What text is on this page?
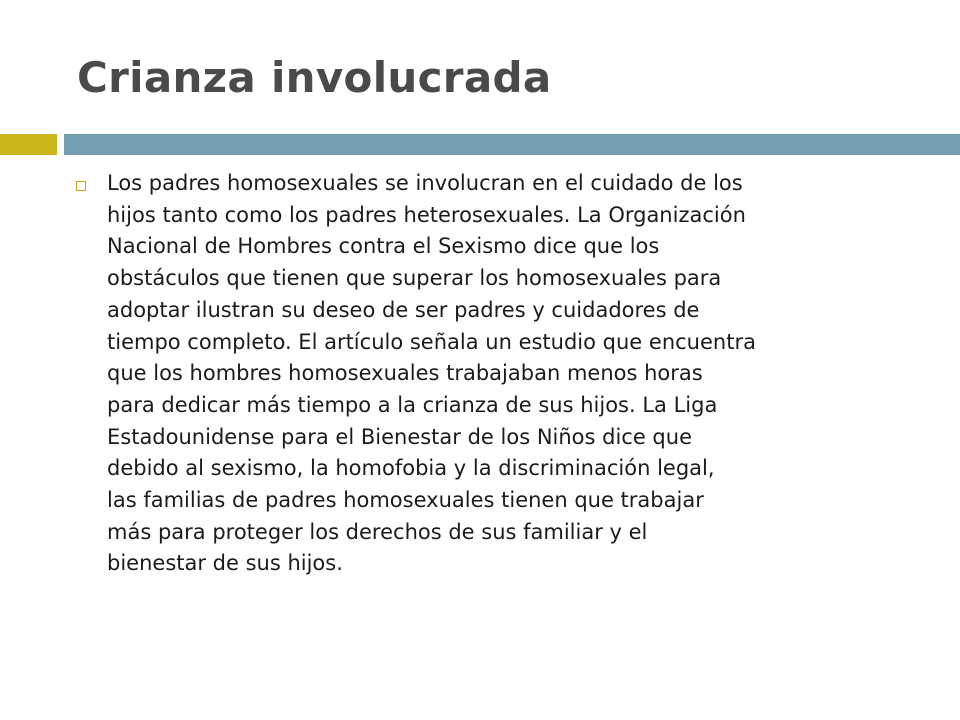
Crianza involucrada
Los padres homosexuales se involucran en el cuidado de los
hijos tanto como los padres heterosexuales. La Organización
Nacional de Hombres contra el Sexismo dice que los
obstáculos que tienen que superar los homosexuales para
adoptar ilustran su deseo de ser padres y cuidadores de
tiempo completo. El artículo señala un estudio que encuentra
que los hombres homosexuales trabajaban menos horas
para dedicar más tiempo a la crianza de sus hijos. La Liga
Estadounidense para el Bienestar de los Niños dice que
debido al sexismo, la homofobia y la discriminación legal,
las familias de padres homosexuales tienen que trabajar
más para proteger los derechos de sus familiar y el
bienestar de sus hijos.
